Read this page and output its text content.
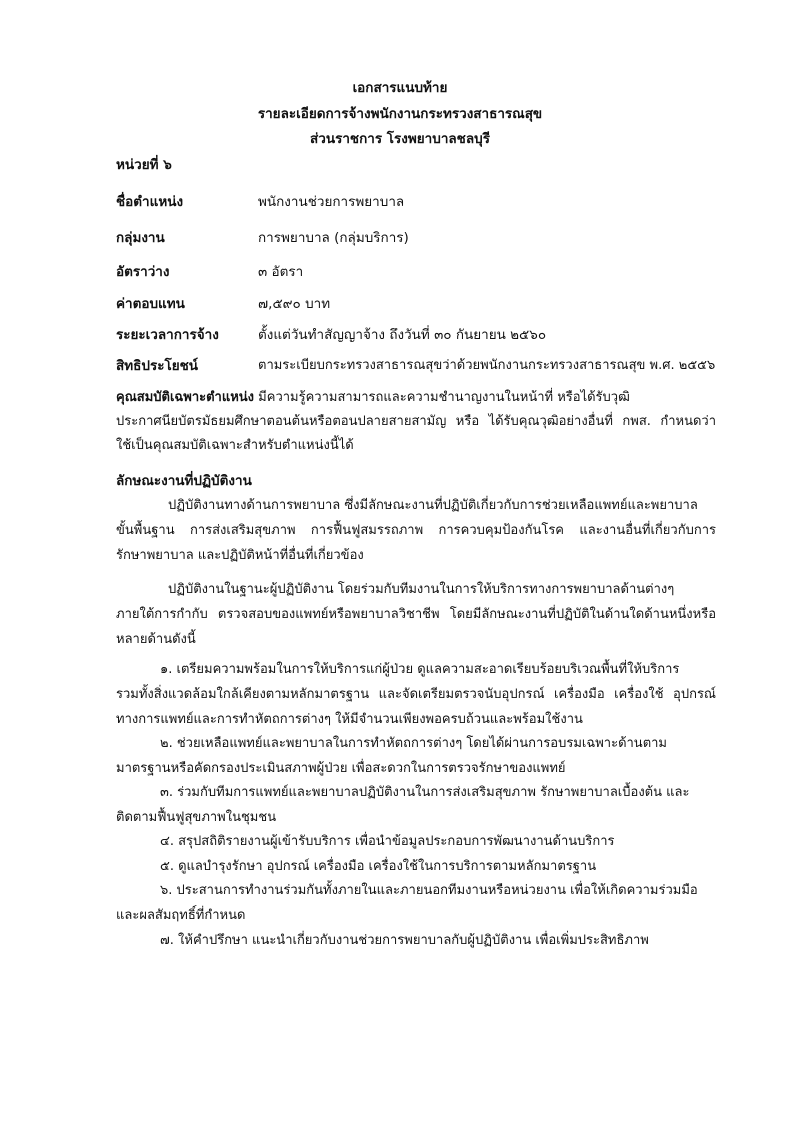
เอกสารแนบท้าย
รายละเอียดการจ้างพนักงานกระทรวงสาธารณสุข
ส่วนราชการ โรงพยาบาลชลบุรี
หน่วยที่ ๖
ชื่อตำแหน่ง	พนักงานช่วยการพยาบาล
กลุ่มงาน	การพยาบาล (กลุ่มบริการ)
อัตราว่าง	๓ อัตรา
ค่าตอบแทน	๗,๕๙๐ บาท
ระยะเวลาการจ้าง	ตั้งแต่วันทำสัญญาจ้าง ถึงวันที่ ๓๐ กันยายน ๒๕๖๐
สิทธิประโยชน์	ตามระเบียบกระทรวงสาธารณสุขว่าด้วยพนักงานกระทรวงสาธารณสุข พ.ศ. ๒๕๕๖
คุณสมบัติเฉพาะตำแหน่ง มีความรู้ความสามารถและความชำนาญงานในหน้าที่ หรือได้รับวุฒิ
ประกาศนียบัตรมัธยมศึกษาตอนต้นหรือตอนปลายสายสามัญ หรือ ได้รับคุณวุฒิอย่างอื่นที่ กพส. กำหนดว่า
ใช้เป็นคุณสมบัติเฉพาะสำหรับตำแหน่งนี้ได้
ลักษณะงานที่ปฏิบัติงาน
ปฏิบัติงานทางด้านการพยาบาล ซึ่งมีลักษณะงานที่ปฏิบัติเกี่ยวกับการช่วยเหลือแพทย์และพยาบาล
ขั้นพื้นฐาน การส่งเสริมสุขภาพ การฟื้นฟูสมรรถภาพ การควบคุมป้องกันโรค และงานอื่นที่เกี่ยวกับการ
รักษาพยาบาล และปฏิบัติหน้าที่อื่นที่เกี่ยวข้อง
ปฏิบัติงานในฐานะผู้ปฏิบัติงาน โดยร่วมกับทีมงานในการให้บริการทางการพยาบาลด้านต่างๆ
ภายใต้การกำกับ ตรวจสอบของแพทย์หรือพยาบาลวิชาชีพ โดยมีลักษณะงานที่ปฏิบัติในด้านใดด้านหนึ่งหรือ
หลายด้านดังนี้
๑. เตรียมความพร้อมในการให้บริการแก่ผู้ป่วย ดูแลความสะอาดเรียบร้อยบริเวณพื้นที่ให้บริการ
รวมทั้งสิ่งแวดล้อมใกล้เคียงตามหลักมาตรฐาน และจัดเตรียมตรวจนับอุปกรณ์ เครื่องมือ เครื่องใช้ อุปกรณ์
ทางการแพทย์และการทำหัตถการต่างๆ ให้มีจำนวนเพียงพอครบถ้วนและพร้อมใช้งาน
๒. ช่วยเหลือแพทย์และพยาบาลในการทำหัตถการต่างๆ โดยได้ผ่านการอบรมเฉพาะด้านตาม
มาตรฐานหรือคัดกรองประเมินสภาพผู้ป่วย เพื่อสะดวกในการตรวจรักษาของแพทย์
๓. ร่วมกับทีมการแพทย์และพยาบาลปฏิบัติงานในการส่งเสริมสุขภาพ รักษาพยาบาลเบื้องต้น และ
ติดตามฟื้นฟูสุขภาพในชุมชน
๔. สรุปสถิติรายงานผู้เข้ารับบริการ เพื่อนำข้อมูลประกอบการพัฒนางานด้านบริการ
๕. ดูแลบำรุงรักษา อุปกรณ์ เครื่องมือ เครื่องใช้ในการบริการตามหลักมาตรฐาน
๖. ประสานการทำงานร่วมกันทั้งภายในและภายนอกทีมงานหรือหน่วยงาน เพื่อให้เกิดความร่วมมือ
และผลสัมฤทธิ์ที่กำหนด
๗. ให้คำปรึกษา แนะนำเกี่ยวกับงานช่วยการพยาบาลกับผู้ปฏิบัติงาน เพื่อเพิ่มประสิทธิภาพ
